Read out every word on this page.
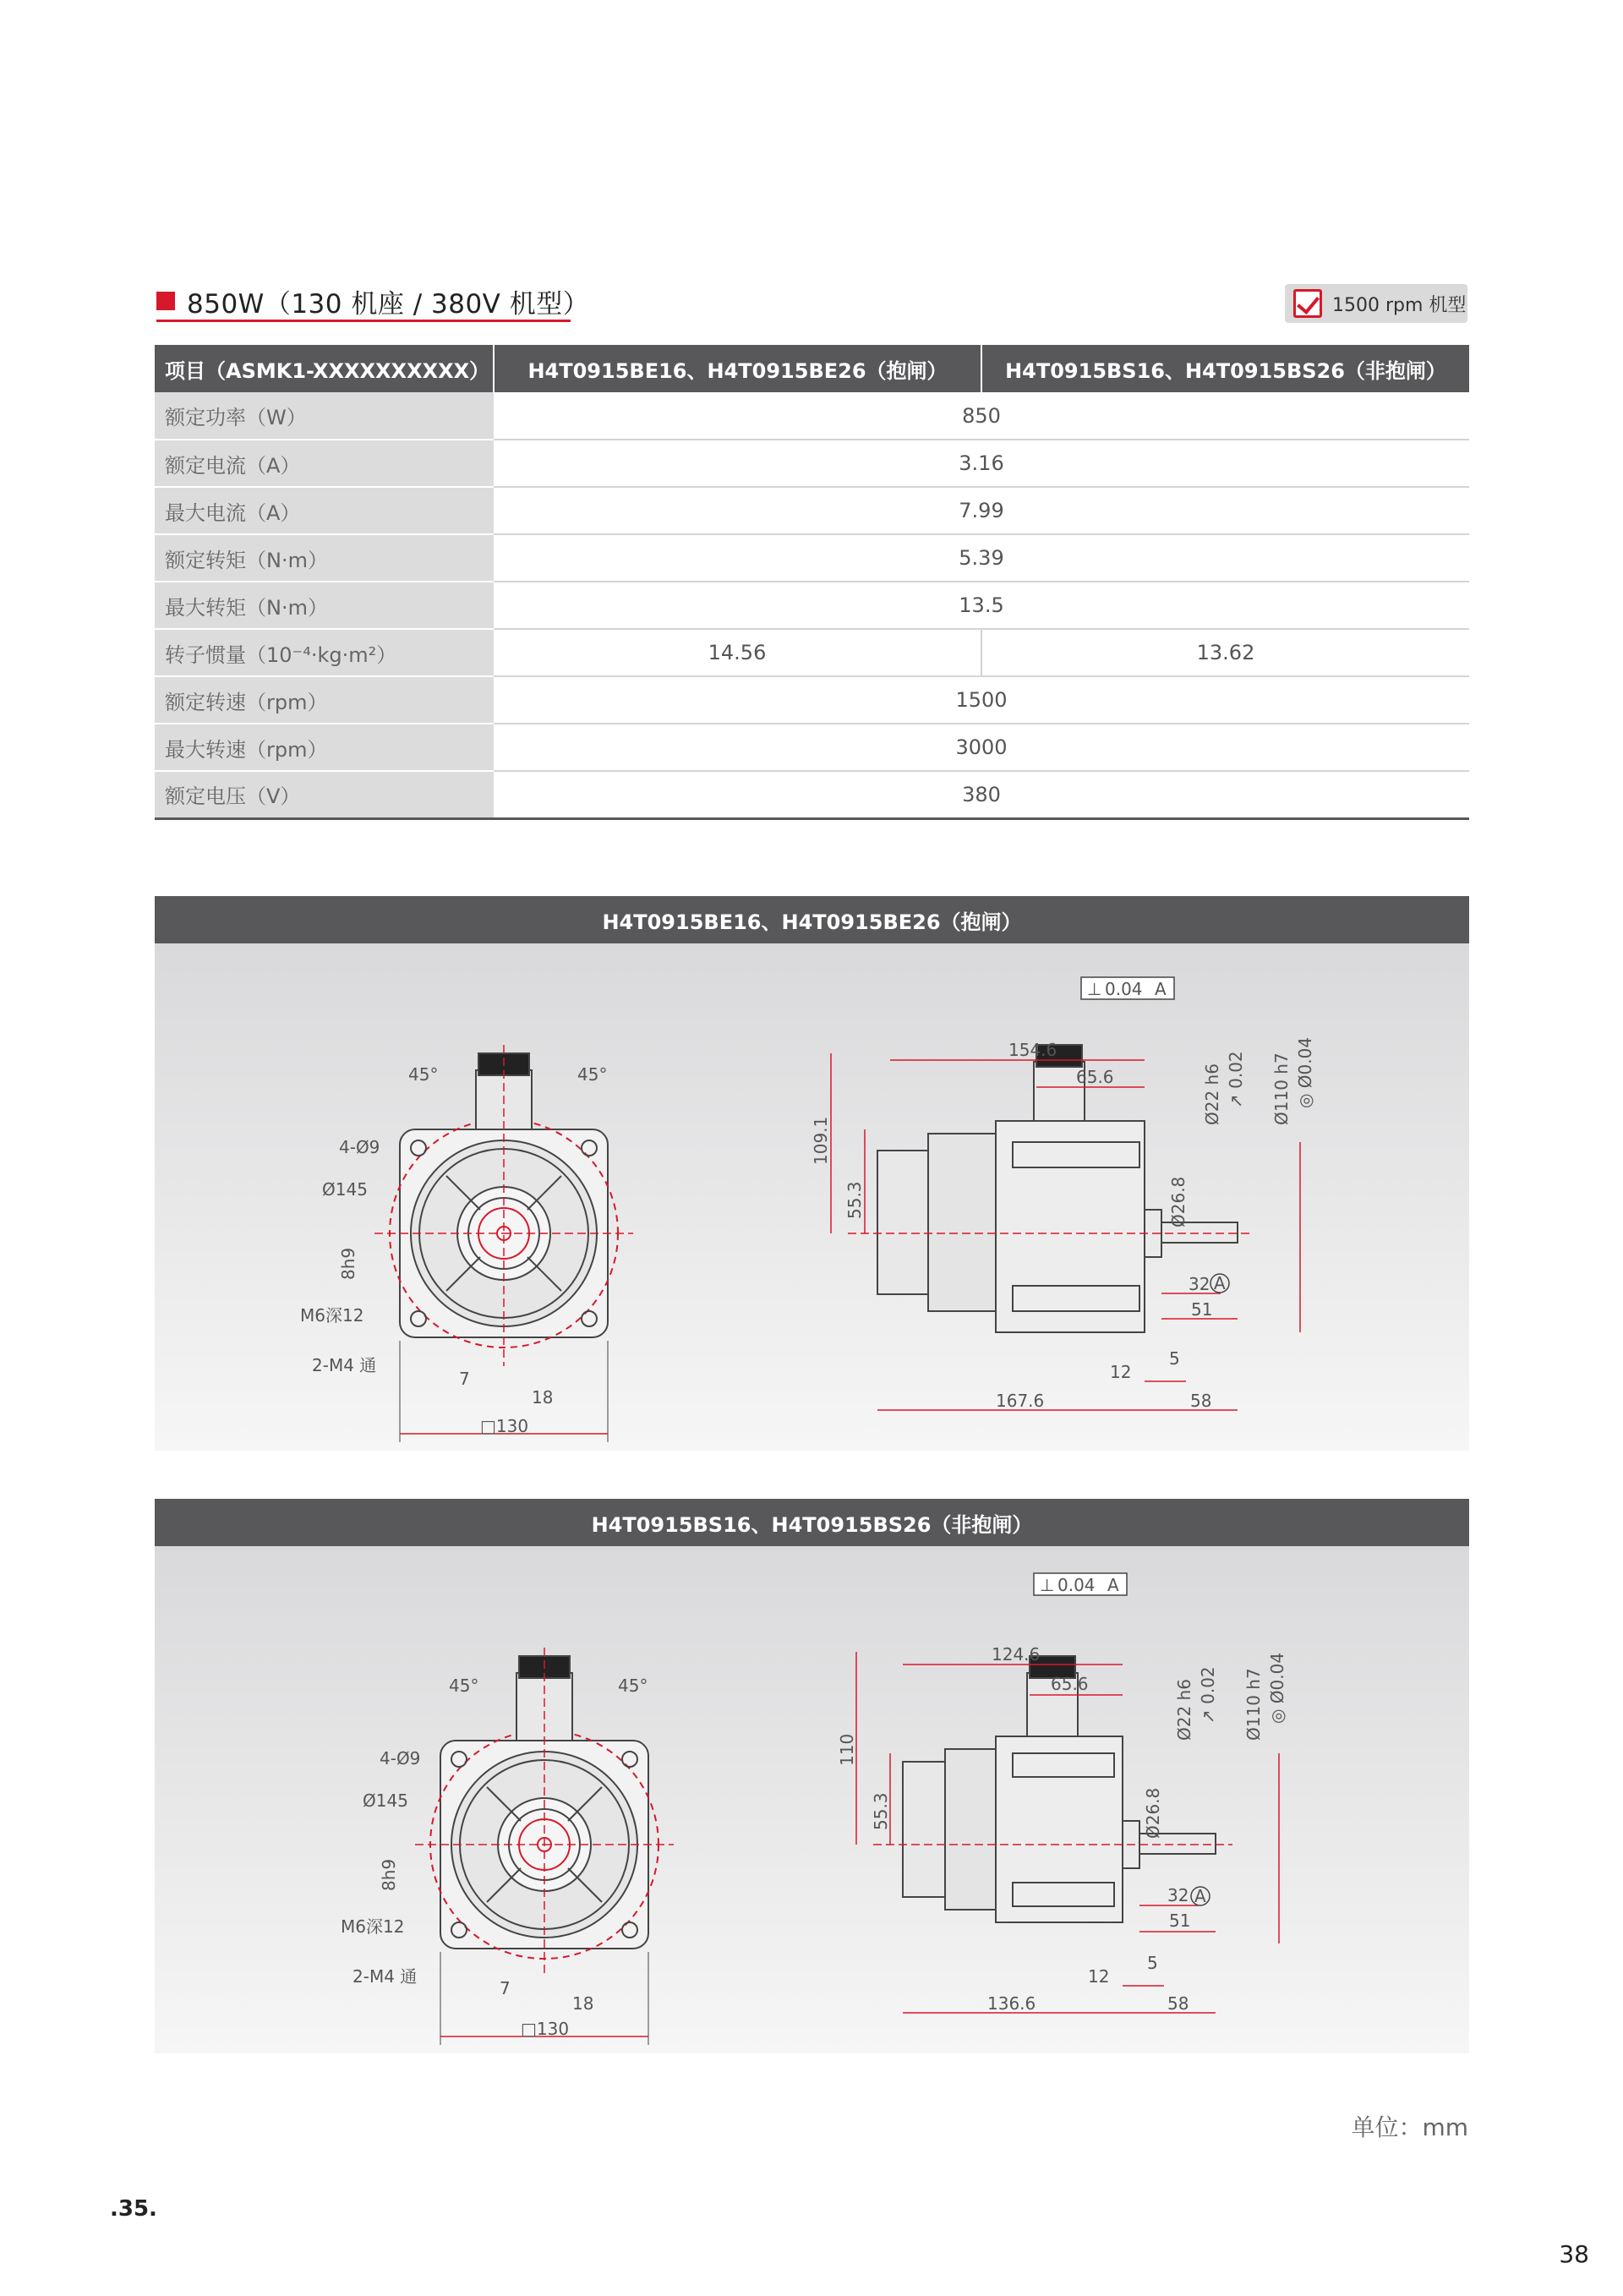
850W（130 机座 / 380V 机型）	1500 rpm 机型
项目（ASMK1-XXXXXXXXXX）	H4T0915BE16、H4T0915BE26（抱闸）	H4T0915BS16、H4T0915BS26（非抱闸）
额定功率（W）	850	
额定电流（A）	3.16	
最大电流（A）	7.99	
额定转矩（N·m）	5.39	
最大转矩（N·m）	13.5	
转子惯量（10⁻⁴·kg·m²）	14.56	13.62
额定转速（rpm）	1500	
最大转速（rpm）	3000	
额定电压（V）	380	
H4T0915BE16、H4T0915BE26（抱闸）
45°	45°
4-Ø9
Ø145
8h9
M6深12
2-M4 通
7
18
□130
⊥ 0.04 A
154.6
65.6
109.1
55.3
Ø22 h6 ↗ 0.02 Ø110 h7 ◎ Ø0.04
Ø26.8
32 A
51
5
12
167.6	58
H4T0915BS16、H4T0915BS26（非抱闸）
45°	45°
4-Ø9
Ø145
8h9
M6深12
2-M4 通
7
18
□130
⊥ 0.04 A
124.6
65.6
110
55.3
Ø22 h6 ↗ 0.02 Ø110 h7 ◎ Ø0.04
Ø26.8
32 A
51
5
12
136.6	58
单位：mm
.35.
38
